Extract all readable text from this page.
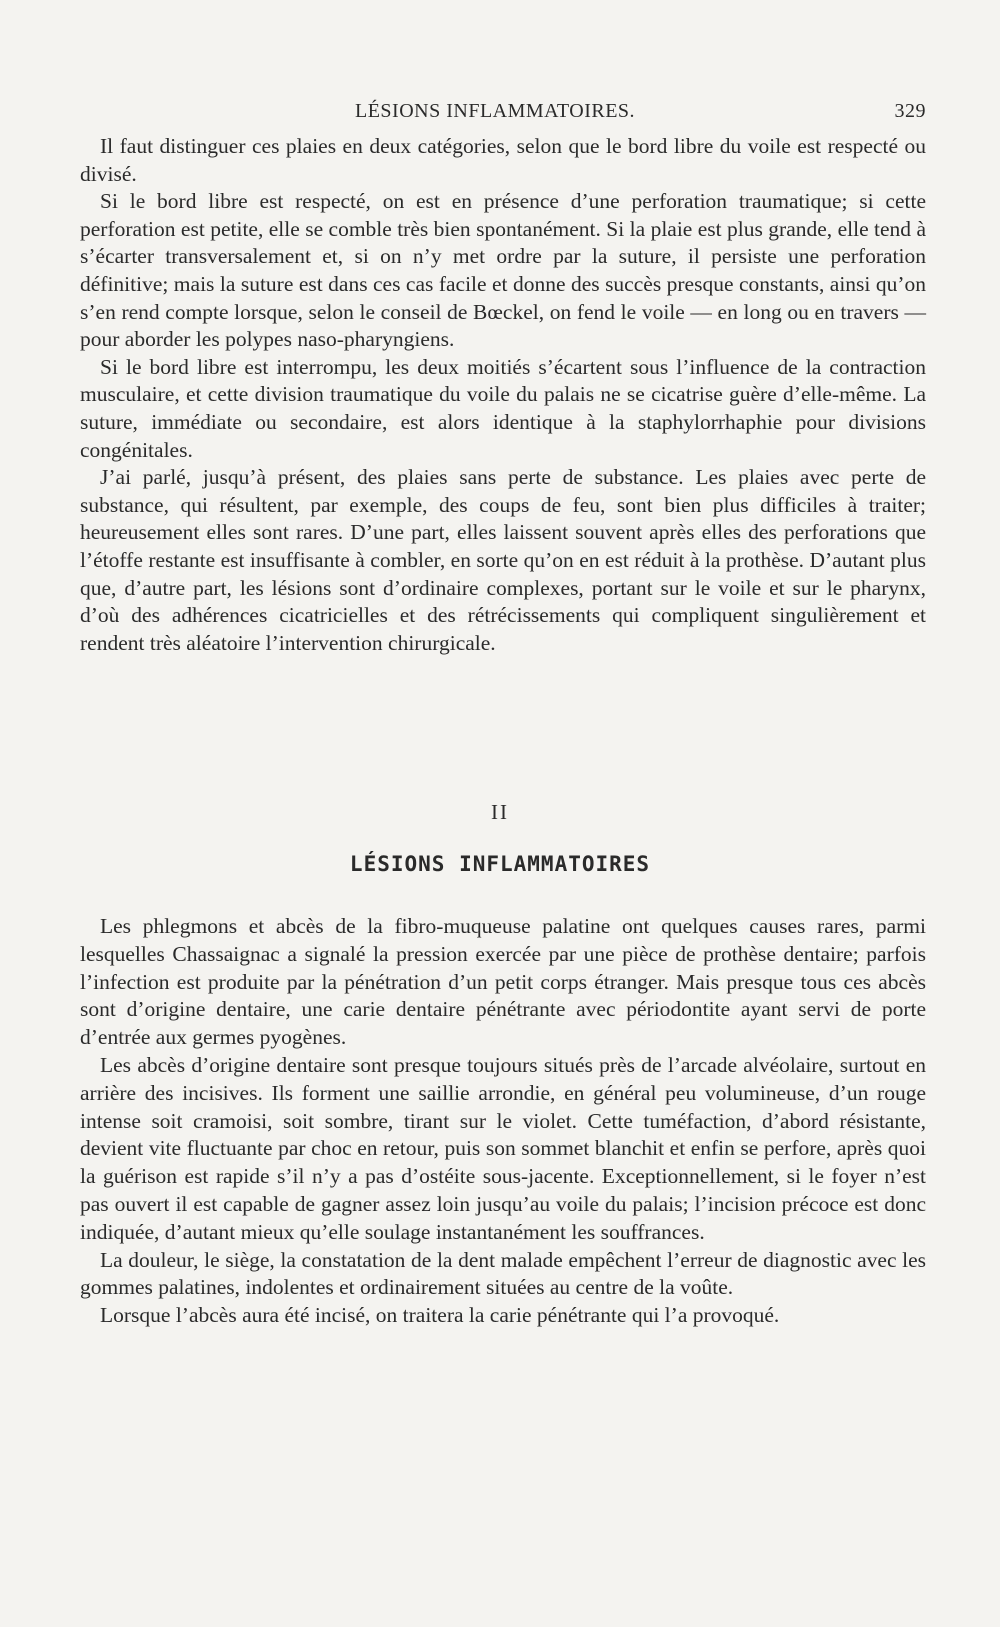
LÉSIONS INFLAMMATOIRES.	329

Il faut distinguer ces plaies en deux catégories, selon que le bord libre du voile est respecté ou divisé.

Si le bord libre est respecté, on est en présence d’une perforation traumatique; si cette perforation est petite, elle se comble très bien spontanément. Si la plaie est plus grande, elle tend à s’écarter transversalement et, si on n’y met ordre par la suture, il persiste une perforation définitive; mais la suture est dans ces cas facile et donne des succès presque constants, ainsi qu’on s’en rend compte lorsque, selon le conseil de Bœckel, on fend le voile — en long ou en travers — pour aborder les polypes naso-pharyngiens.

Si le bord libre est interrompu, les deux moitiés s’écartent sous l’influence de la contraction musculaire, et cette division traumatique du voile du palais ne se cicatrise guère d’elle-même. La suture, immédiate ou secondaire, est alors identique à la staphylorrhaphie pour divisions congénitales.

J’ai parlé, jusqu’à présent, des plaies sans perte de substance. Les plaies avec perte de substance, qui résultent, par exemple, des coups de feu, sont bien plus difficiles à traiter; heureusement elles sont rares. D’une part, elles laissent souvent après elles des perforations que l’étoffe restante est insuffisante à combler, en sorte qu’on en est réduit à la prothèse. D’autant plus que, d’autre part, les lésions sont d’ordinaire complexes, portant sur le voile et sur le pharynx, d’où des adhérences cicatricielles et des rétrécissements qui compliquent singulièrement et rendent très aléatoire l’intervention chirurgicale.

II
LÉSIONS INFLAMMATOIRES

Les phlegmons et abcès de la fibro-muqueuse palatine ont quelques causes rares, parmi lesquelles Chassaignac a signalé la pression exercée par une pièce de prothèse dentaire; parfois l’infection est produite par la pénétration d’un petit corps étranger. Mais presque tous ces abcès sont d’origine dentaire, une carie dentaire pénétrante avec périodontite ayant servi de porte d’entrée aux germes pyogènes.

Les abcès d’origine dentaire sont presque toujours situés près de l’arcade alvéolaire, surtout en arrière des incisives. Ils forment une saillie arrondie, en général peu volumineuse, d’un rouge intense soit cramoisi, soit sombre, tirant sur le violet. Cette tuméfaction, d’abord résistante, devient vite fluctuante par choc en retour, puis son sommet blanchit et enfin se perfore, après quoi la guérison est rapide s’il n’y a pas d’ostéite sous-jacente. Exceptionnellement, si le foyer n’est pas ouvert il est capable de gagner assez loin jusqu’au voile du palais; l’incision précoce est donc indiquée, d’autant mieux qu’elle soulage instantanément les souffrances.

La douleur, le siège, la constatation de la dent malade empêchent l’erreur de diagnostic avec les gommes palatines, indolentes et ordinairement situées au centre de la voûte.

Lorsque l’abcès aura été incisé, on traitera la carie pénétrante qui l’a provoqué.
